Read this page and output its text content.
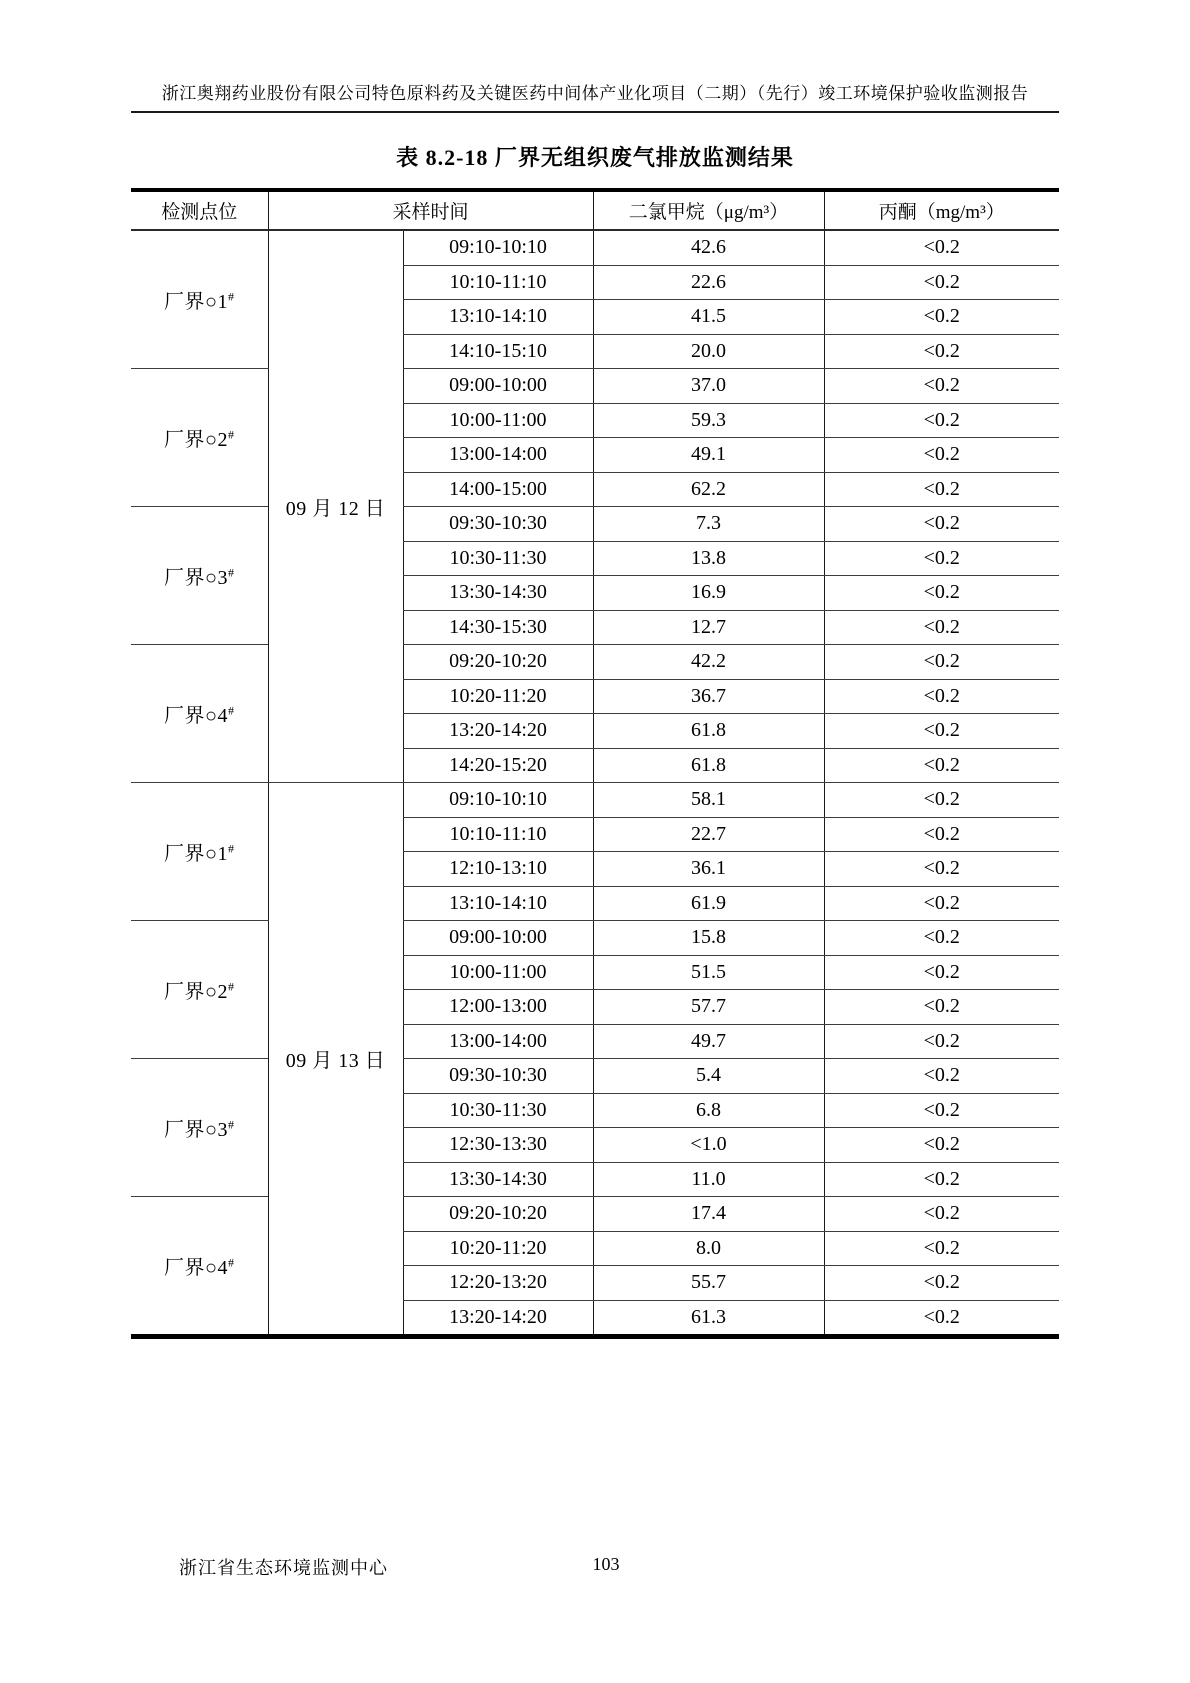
浙江奥翔药业股份有限公司特色原料药及关键医药中间体产业化项目（二期）（先行）竣工环境保护验收监测报告
表 8.2-18 厂界无组织废气排放监测结果
检测点位	采样时间		二氯甲烷（μg/m³）	丙酮（mg/m³）
厂界○1#	09 月 12 日	09:10-10:10	42.6	<0.2
		10:10-11:10	22.6	<0.2
		13:10-14:10	41.5	<0.2
		14:10-15:10	20.0	<0.2
厂界○2#		09:00-10:00	37.0	<0.2
		10:00-11:00	59.3	<0.2
		13:00-14:00	49.1	<0.2
		14:00-15:00	62.2	<0.2
厂界○3#		09:30-10:30	7.3	<0.2
		10:30-11:30	13.8	<0.2
		13:30-14:30	16.9	<0.2
		14:30-15:30	12.7	<0.2
厂界○4#		09:20-10:20	42.2	<0.2
		10:20-11:20	36.7	<0.2
		13:20-14:20	61.8	<0.2
		14:20-15:20	61.8	<0.2
厂界○1#	09 月 13 日	09:10-10:10	58.1	<0.2
		10:10-11:10	22.7	<0.2
		12:10-13:10	36.1	<0.2
		13:10-14:10	61.9	<0.2
厂界○2#		09:00-10:00	15.8	<0.2
		10:00-11:00	51.5	<0.2
		12:00-13:00	57.7	<0.2
		13:00-14:00	49.7	<0.2
厂界○3#		09:30-10:30	5.4	<0.2
		10:30-11:30	6.8	<0.2
		12:30-13:30	<1.0	<0.2
		13:30-14:30	11.0	<0.2
厂界○4#		09:20-10:20	17.4	<0.2
		10:20-11:20	8.0	<0.2
		12:20-13:20	55.7	<0.2
		13:20-14:20	61.3	<0.2
浙江省生态环境监测中心	103
